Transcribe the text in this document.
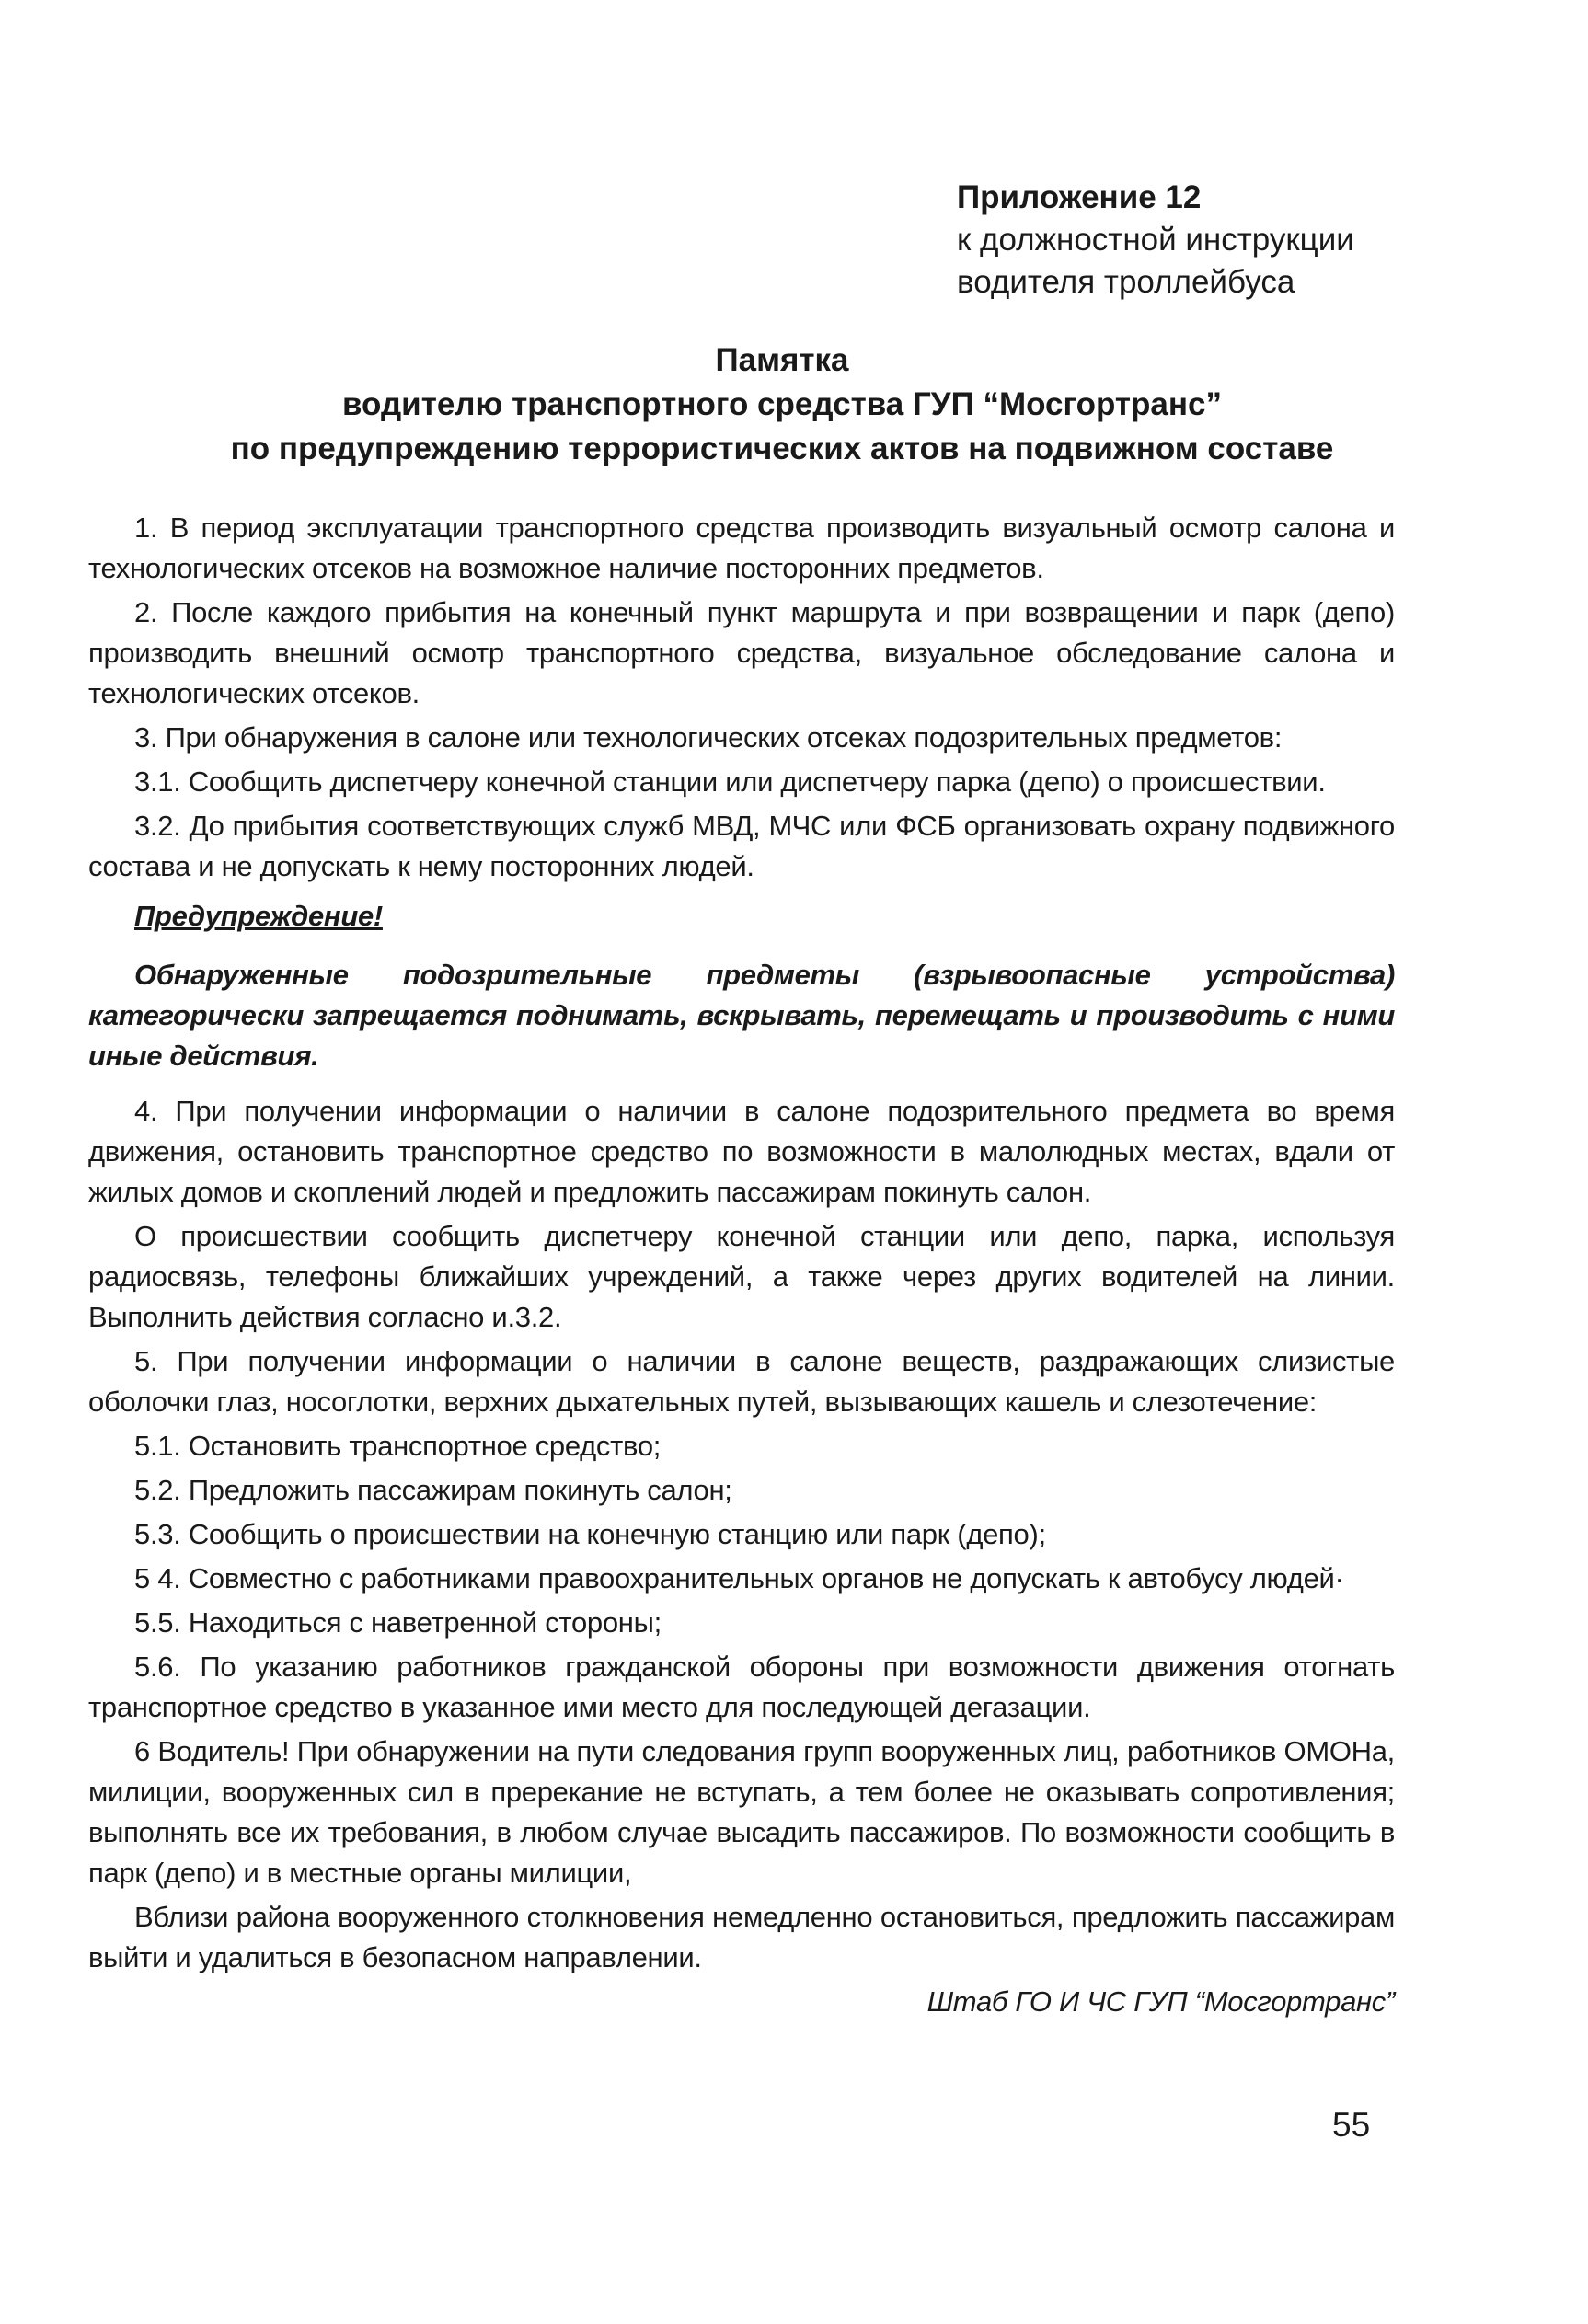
Приложение 12
к должностной инструкции
водителя троллейбуса
Памятка
водителю транспортного средства ГУП “Мосгортранс”
по предупреждению террористических актов на подвижном составе

1. В период эксплуатации транспортного средства производить визуальный осмотр салона и технологических отсеков на возможное наличие посторонних предметов.

2. После каждого прибытия на конечный пункт маршрута и при возвращении и парк (депо) производить внешний осмотр транспортного средства, визуальное обследование салона и технологических отсеков.

3. При обнаружения в салоне или технологических отсеках подозрительных предметов:

3.1. Сообщить диспетчеру конечной станции или диспетчеру парка (депо) о происшествии.

3.2. До прибытия соответствующих служб МВД, МЧС или ФСБ организовать охрану подвижного состава и не допускать к нему посторонних людей.

Предупреждение!

Обнаруженные подозрительные предметы (взрывоопасные устройства) категорически запрещается поднимать, вскрывать, перемещать и производить с ними иные действия.

4. При получении информации о наличии в салоне подозрительного предмета во время движения, остановить транспортное средство по возможности в малолюдных местах, вдали от жилых домов и скоплений людей и предложить пассажирам покинуть салон.

О происшествии сообщить диспетчеру конечной станции или депо, парка, используя радиосвязь, телефоны ближайших учреждений, а также через других водителей на линии. Выполнить действия согласно и.3.2.

5. При получении информации о наличии в салоне веществ, раздражающих слизистые оболочки глаз, носоглотки, верхних дыхательных путей, вызывающих кашель и слезотечение:

5.1. Остановить транспортное средство;

5.2. Предложить пассажирам покинуть салон;

5.3. Сообщить о происшествии на конечную станцию или парк (депо);

5 4. Совместно с работниками правоохранительных органов не допускать к автобусу людей·

5.5. Находиться с наветренной стороны;

5.6. По указанию работников гражданской обороны при возможности движения отогнать транспортное средство в указанное ими место для последующей дегазации.

6 Водитель! При обнаружении на пути следования групп вооруженных лиц, работников ОМОНа, милиции, вооруженных сил в пререкание не вступать, а тем более не оказывать сопротивления; выполнять все их требования, в любом случае высадить пассажиров. По возможности сообщить в парк (депо) и в местные органы милиции,

Вблизи района вооруженного столкновения немедленно остановиться, предложить пассажирам выйти и удалиться в безопасном направлении.

Штаб ГО И ЧС ГУП “Мосгортранс”

55
